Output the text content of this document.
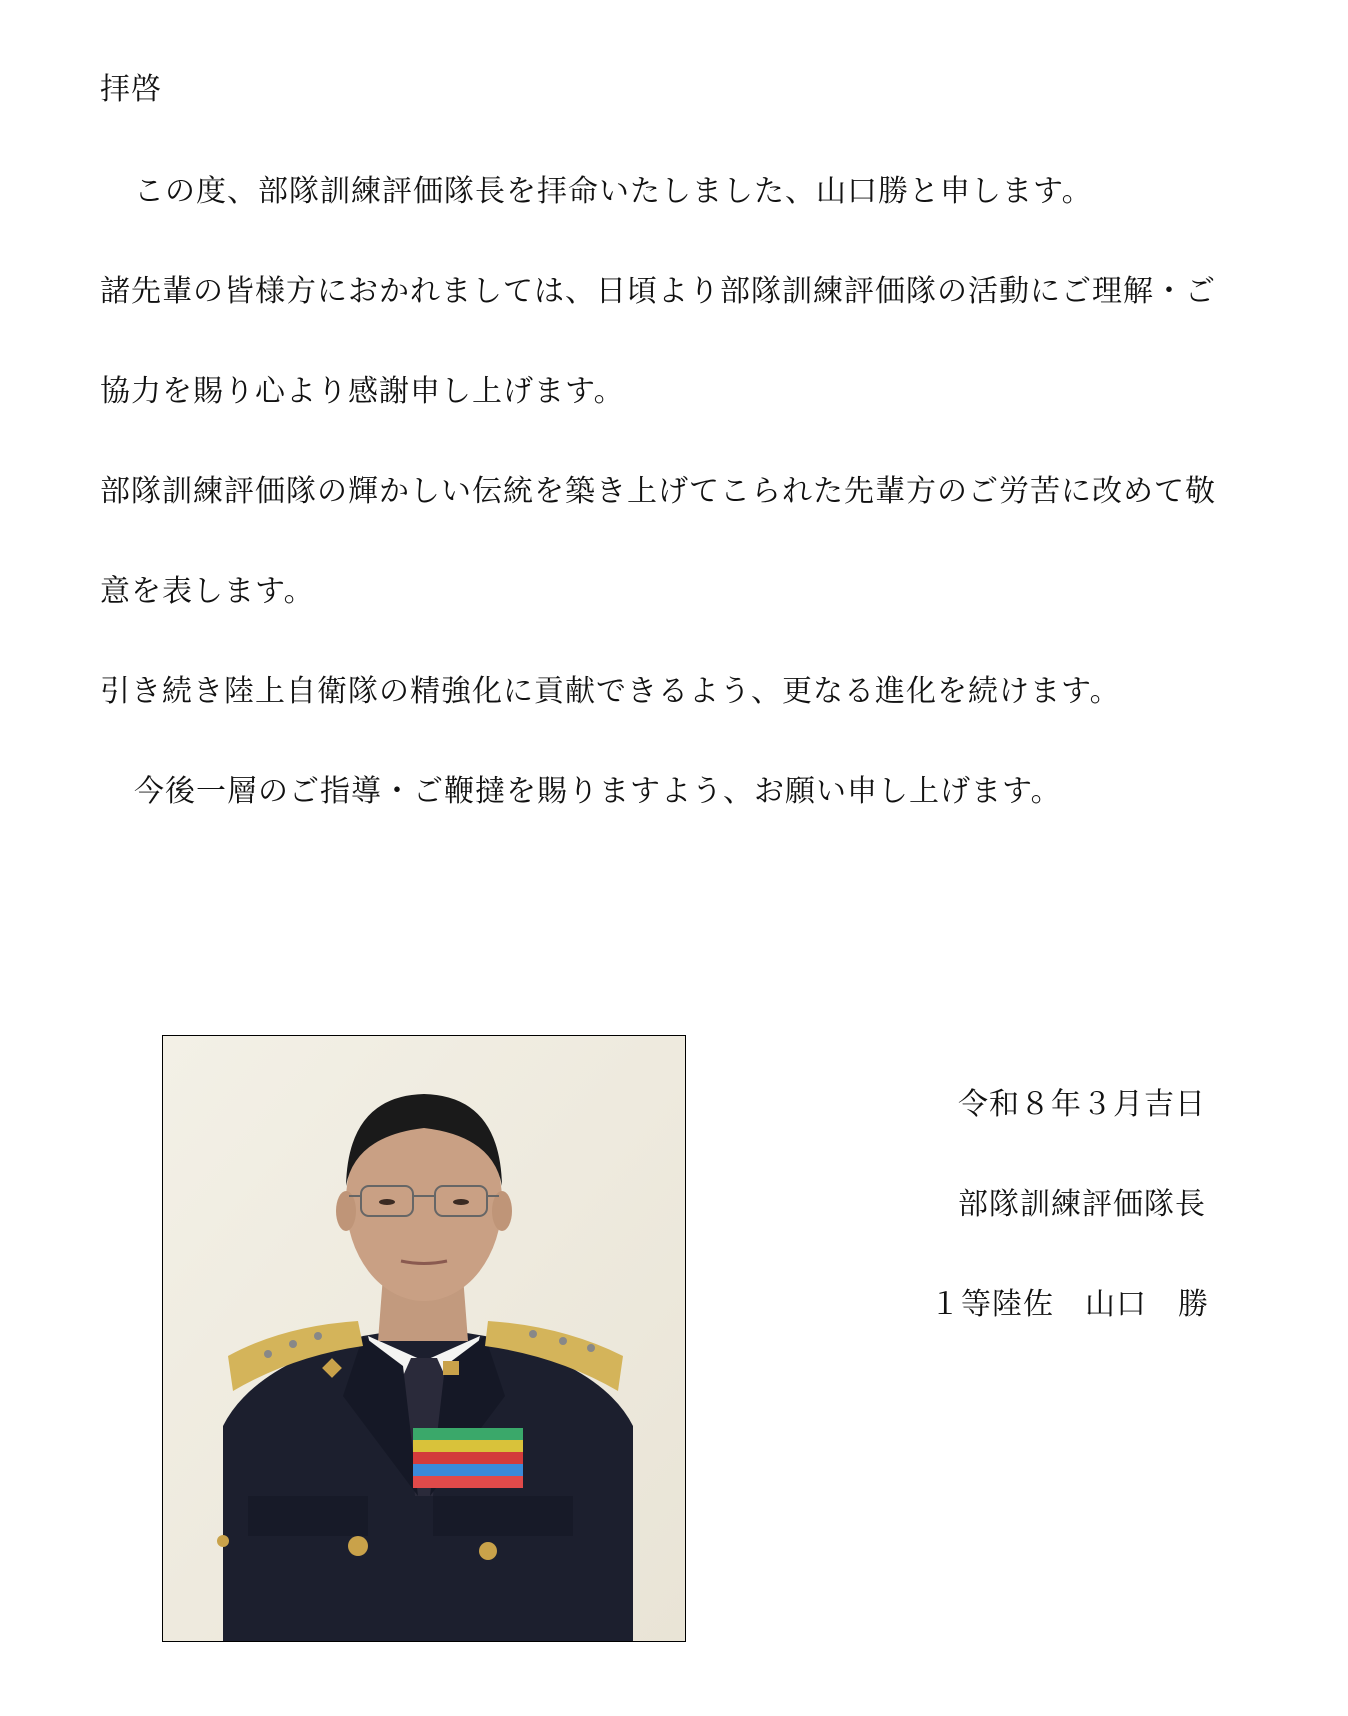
拝啓
この度、部隊訓練評価隊長を拝命いたしました、山口勝と申します。
諸先輩の皆様方におかれましては、日頃より部隊訓練評価隊の活動にご理解・ご
協力を賜り心より感謝申し上げます。
部隊訓練評価隊の輝かしい伝統を築き上げてこられた先輩方のご労苦に改めて敬
意を表します。
引き続き陸上自衛隊の精強化に貢献できるよう、更なる進化を続けます。
今後一層のご指導・ご鞭撻を賜りますよう、お願い申し上げます。
令和８年３月吉日
部隊訓練評価隊長
１等陸佐　山口　勝
